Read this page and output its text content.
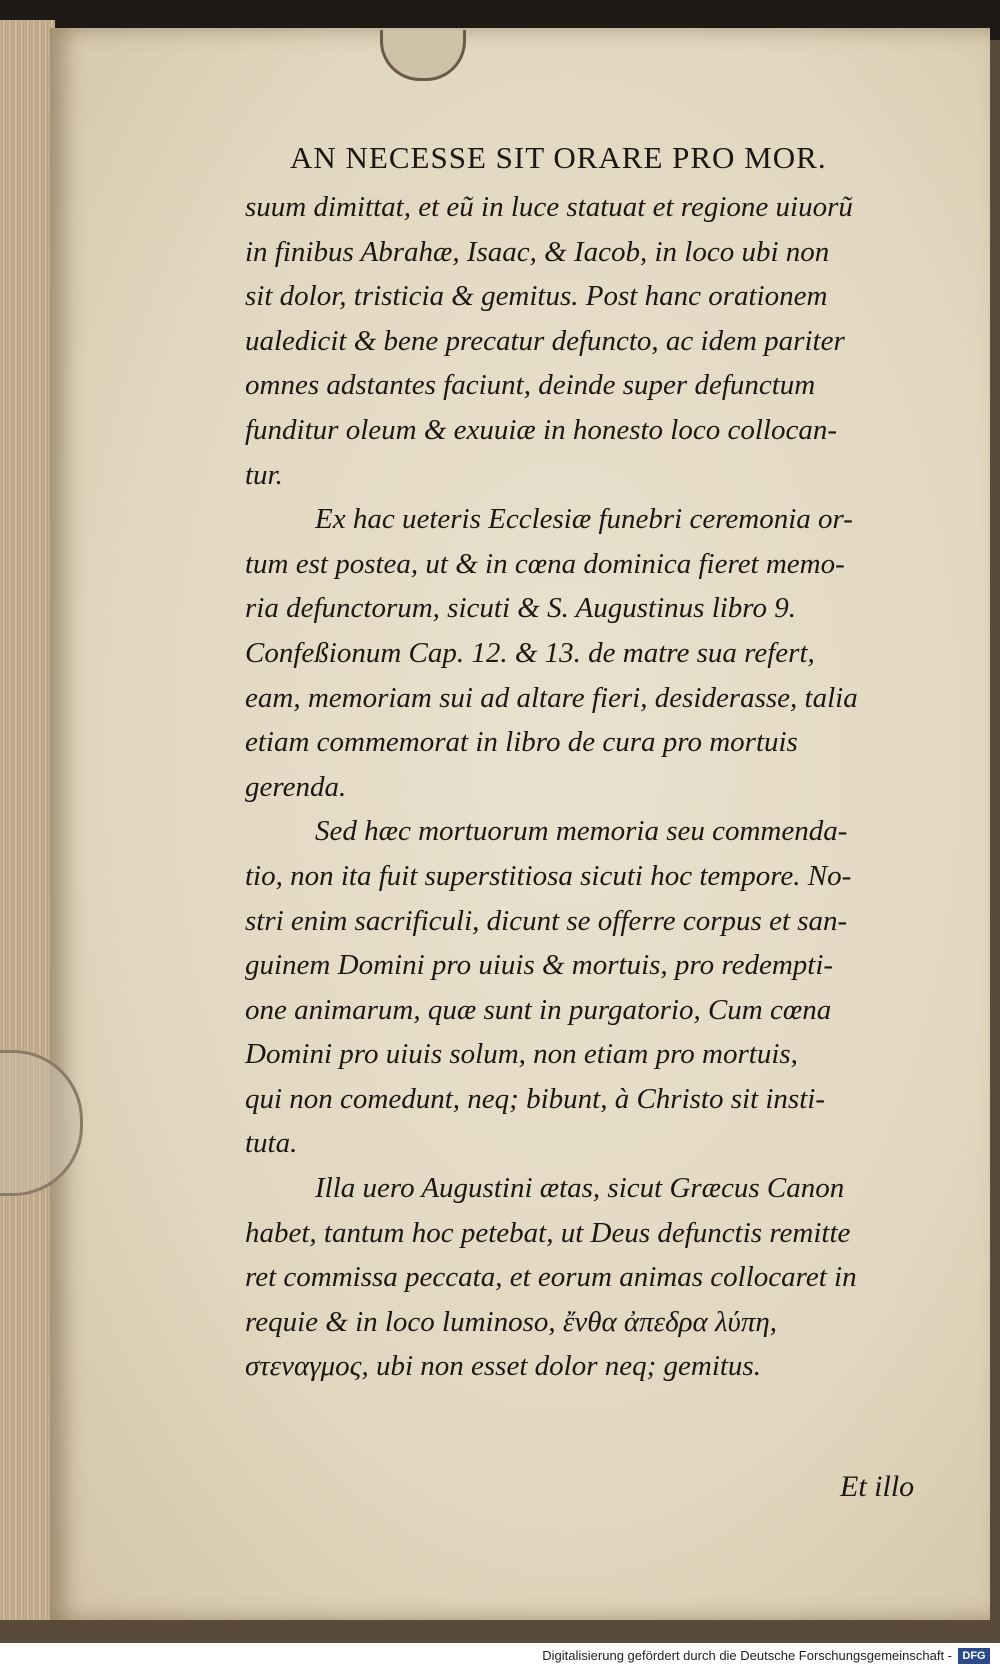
AN NECESSE SIT ORARE PRO MOR.
suum dimittat, et eũ in luce statuat et regione uiuorũ
in finibus Abrahæ, Isaac, & Iacob, in loco ubi non
sit dolor, tristicia & gemitus. Post hanc orationem
ualedicit & bene precatur defuncto, ac idem pariter
omnes adstantes faciunt, deinde super defunctum
funditur oleum & exuuiæ in honesto loco collocan-
tur.
Ex hac ueteris Ecclesiæ funebri ceremonia or-
tum est postea, ut & in cœna dominica fieret memo-
ria defunctorum, sicuti & S. Augustinus libro 9.
Confeßionum Cap. 12. & 13. de matre sua refert,
eam, memoriam sui ad altare fieri, desiderasse, talia
etiam commemorat in libro de cura pro mortuis
gerenda.
Sed hæc mortuorum memoria seu commenda-
tio, non ita fuit superstitiosa sicuti hoc tempore. No-
stri enim sacrificuli, dicunt se offerre corpus et san-
guinem Domini pro uiuis & mortuis, pro redempti-
one animarum, quæ sunt in purgatorio, Cum cœna
Domini pro uiuis solum, non etiam pro mortuis,
qui non comedunt, neq; bibunt, à Christo sit insti-
tuta.
Illa uero Augustini ætas, sicut Græcus Canon
habet, tantum hoc petebat, ut Deus defunctis remitte
ret commissa peccata, et eorum animas collocaret in
requie & in loco luminoso, ἔνθα ἀπεδρα λύπη,
στεναγμος, ubi non esset dolor neq; gemitus.
Et illo
Digitalisierung gefördert durch die Deutsche Forschungsgemeinschaft - DFG
